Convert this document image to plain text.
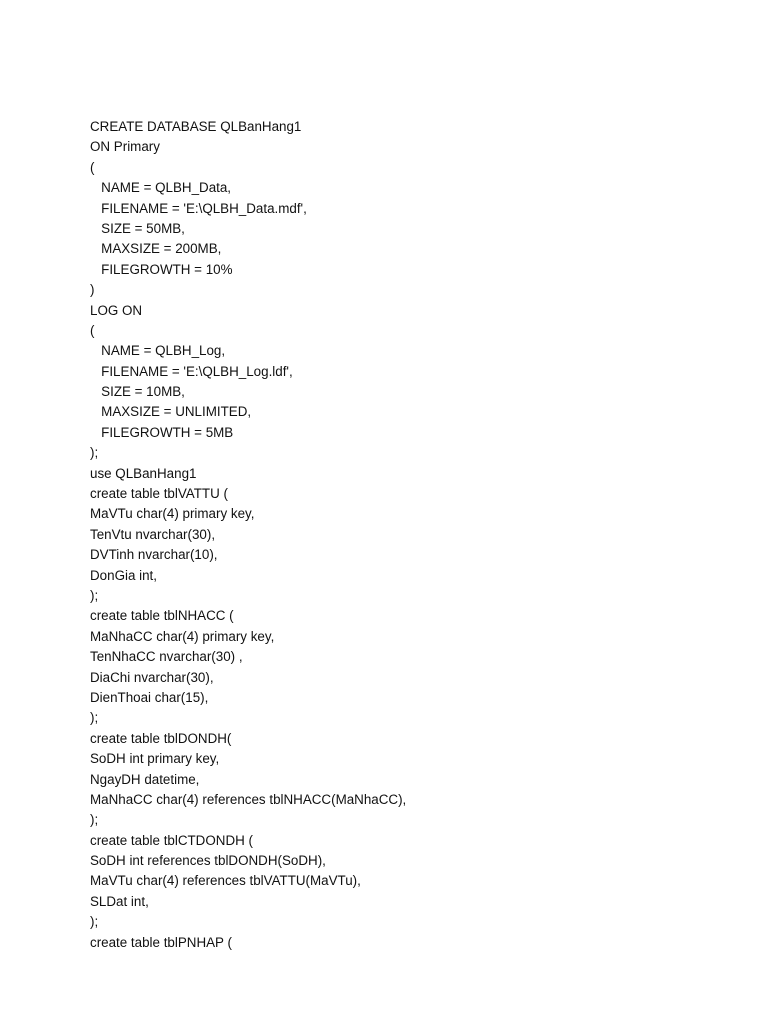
CREATE DATABASE QLBanHang1
ON Primary
(
NAME = QLBH_Data,
FILENAME = 'E:\QLBH_Data.mdf',
SIZE = 50MB,
MAXSIZE = 200MB,
FILEGROWTH = 10%
)
LOG ON
(
NAME = QLBH_Log,
FILENAME = 'E:\QLBH_Log.ldf',
SIZE = 10MB,
MAXSIZE = UNLIMITED,
FILEGROWTH = 5MB
);
use QLBanHang1
create table tblVATTU (
MaVTu char(4) primary key,
TenVtu nvarchar(30),
DVTinh nvarchar(10),
DonGia int,
);
create table tblNHACC (
MaNhaCC char(4) primary key,
TenNhaCC nvarchar(30) ,
DiaChi nvarchar(30),
DienThoai char(15),
);
create table tblDONDH(
SoDH int primary key,
NgayDH datetime,
MaNhaCC char(4) references tblNHACC(MaNhaCC),
);
create table tblCTDONDH (
SoDH int references tblDONDH(SoDH),
MaVTu char(4) references tblVATTU(MaVTu),
SLDat int,
);
create table tblPNHAP (
